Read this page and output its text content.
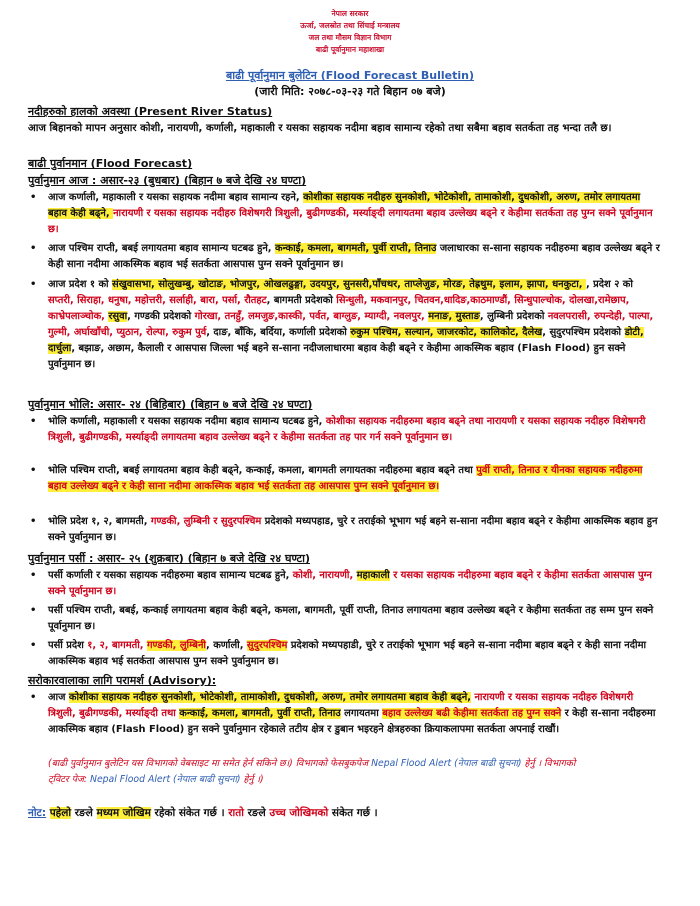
नेपाल सरकार
ऊर्जा, जलस्रोत तथा सिंचाई मन्त्रालय
जल तथा मौसम विज्ञान विभाग
बाढी पूर्वानुमान महाशाखा
बाढी पूर्वानुमान बुलेटिन (Flood Forecast Bulletin)
(जारी मिति: २०७८-०३-२३ गते बिहान ०७ बजे)
नदीहरुको हालको अवस्था (Present River Status)
आज बिहानको मापन अनुसार कोशी, नारायणी, कर्णाली, महाकाली र यसका सहायक नदीमा बहाव सामान्य रहेको तथा सबैमा बहाव सतर्कता तह भन्दा तलै छ।
बाढी पुर्वानमान (Flood Forecast)
पुर्वानुमान आज : असार-२३ (बुधबार) (बिहान ७ बजे देखि २४ घण्टा)
• आज कर्णाली, महाकाली र यसका सहायक नदीमा बहाव सामान्य रहने, कोशीका सहायक नदीहरु सुनकोशी, भोटेकोशी, तामाकोशी, दुधकोशी, अरुण, तमोर लगायतमा बहाव केही बढ्ने, नारायणी र यसका सहायक नदीहरु विशेषगरी त्रिशुली, बुढीगण्डकी, मर्स्याङ्दी लगायतमा बहाव उल्लेख्य बढ्ने र केहीमा सतर्कता तह पुग्न सक्ने पूर्वानुमान छ।
• आज पश्चिम राप्ती, बबई लगायतमा बहाव सामान्य घटबढ हुने, कन्काई, कमला, बागमती, पुर्वी राप्ती, तिनाउ जलाधारका स-साना सहायक नदीहरुमा बहाव उल्लेख्य बढ्ने र केही साना नदीमा आकस्मिक बहाव भई सतर्कता आसपास पुग्न सक्ने पूर्वानुमान छ।
• आज प्रदेश १ को संखुवासभा, सोलुखम्बु, खोटाङ, भोजपुर, ओखलढुङ्गा, उदयपुर, सुनसरी,पाँचथर, ताप्लेजुङ, मोरङ, तेह्रथुम, इलाम, झापा, धनकुटा, , प्रदेश २ को सप्तरी, सिराहा, धनुषा, महोत्तरी, सर्लाही, बारा, पर्सा, रौतहट, बागमती प्रदेशको सिन्धुली, मकवानपुर, चितवन,धादिङ,काठमाण्डौं, सिन्धुपाल्चोक, दोलखा,रामेछाप, काभ्रेपलाञ्चोक, रसुवा, गण्डकी प्रदेशको गोरखा, तनहुँ, लमजुङ,कास्की, पर्वत, बाग्लुङ, म्याग्दी, नवलपुर, मनाङ, मुस्ताङ, लुम्बिनी प्रदेशको नवलपरासी, रुपन्देही, पाल्पा, गुल्मी, अर्घाखाँची, प्युठान, रोल्पा, रुकुम पुर्व, दाङ, बाँकि, बर्दिया, कर्णाली प्रदेशको रुकुम पश्चिम, सल्यान, जाजरकोट, कालिकोट, दैलेख, सुदुरपश्चिम प्रदेशको डोटी, दार्चुला, बझाङ, अछाम, कैलाली र आसपास जिल्ला भई बहने स-साना नदीजलाधारमा बहाव केही बढ्ने र केहीमा आकस्मिक बहाव (Flash Flood) हुन सक्ने पुर्वानुमान छ।
पुर्वानुमान भोलि: असार- २४ (बिहिबार) (बिहान ७ बजे देखि २४ घण्टा)
• भोलि कर्णाली, महाकाली र यसका सहायक नदीमा बहाव सामान्य घटबढ हुने, कोशीका सहायक नदीहरुमा बहाव बढ्ने तथा नारायणी र यसका सहायक नदीहरु विशेषगरी त्रिशुली, बुढीगण्डकी, मर्स्याङ्दी लगायतमा बहाव उल्लेख्य बढ्ने र केहीमा सतर्कता तह पार गर्न सक्ने पूर्वानुमान छ।
• भोलि पश्चिम राप्ती, बबई लगायतमा बहाव केही बढ्ने, कन्काई, कमला, बागमती लगायतका नदीहरुमा बहाव बढ्ने तथा पुर्वी राप्ती, तिनाउ र यीनका सहायक नदीहरुमा बहाव उल्लेख्य बढ्ने र केही साना नदीमा आकस्मिक बहाव भई सतर्कता तह आसपास पुग्न सक्ने पूर्वानुमान छ।
• भोलि प्रदेश १, २, बागमती, गण्डकी, लुम्बिनी र सुदुरपश्चिम प्रदेशको मध्यपहाड, चुरे र तराईको भूभाग भई बहने स-साना नदीमा बहाव बढ्ने र केहीमा आकस्मिक बहाव हुन सक्ने पुर्वानुमान छ।
पुर्वानुमान पर्सी : असार- २५ (शुक्रबार) (बिहान ७ बजे देखि २४ घण्टा)
• पर्सी कर्णाली र यसका सहायक नदीहरुमा बहाव सामान्य घटबढ हुने, कोशी, नारायणी, महाकाली र यसका सहायक नदीहरुमा बहाव बढ्ने र केहीमा सतर्कता आसपास पुग्न सक्ने पूर्वानुमान छ।
• पर्सी पश्चिम राप्ती, बबई, कन्काई लगायतमा बहाव केही बढ्ने, कमला, बागमती, पूर्वी राप्ती, तिनाउ लगायतमा बहाव उल्लेख्य बढ्ने र केहीमा सतर्कता तह सम्म पुग्न सक्ने पूर्वानुमान छ।
• पर्सी प्रदेश १, २, बागमती, गण्डकी, लुम्बिनी, कर्णाली, सुदुरपश्चिम प्रदेशको मध्यपहाडी, चुरे र तराईको भूभाग भई बहने स-साना नदीमा बहाव बढ्ने र केही साना नदीमा आकस्मिक बहाव भई सतर्कता आसपास पुग्न सक्ने पुर्वानुमान छ।
सरोकारवालाका लागि परामर्श (Advisory):
• आज कोशीका सहायक नदीहरु सुनकोशी, भोटेकोशी, तामाकोशी, दुधकोशी, अरुण, तमोर लगायतमा बहाव केही बढ्ने, नारायणी र यसका सहायक नदीहरु विशेषगरी त्रिशुली, बुढीगण्डकी, मर्स्याङ्दी तथा कन्काई, कमला, बागमती, पुर्वी राप्ती, तिनाउ लगायतमा बहाव उल्लेख्य बढी केहीमा सतर्कता तह पुग्न सक्ने र केही स-साना नदीहरुमा आकस्मिक बहाव (Flash Flood) हुन सक्ने पुर्वानुमान रहेकाले तटीय क्षेत्र र डुबान भइरहने क्षेत्रहरुका क्रियाकलापमा सतर्कता अपनाई राखौं।
(बाढी पुर्वानुमान बुलेटिन यस विभागको वेबसाइट मा समेत हेर्न सकिने छ।) विभागको फेसबुकपेज Nepal Flood Alert (नेपाल बाढी सुचना) हेर्नु । विभागको
ट्विटर पेज: Nepal Flood Alert (नेपाल बाढी सुचना) हेर्नु ।)
नोट: पहेलो रङले मध्यम जोखिम रहेको संकेत गर्छ । रातो रङले उच्च जोखिमको संकेत गर्छ ।
